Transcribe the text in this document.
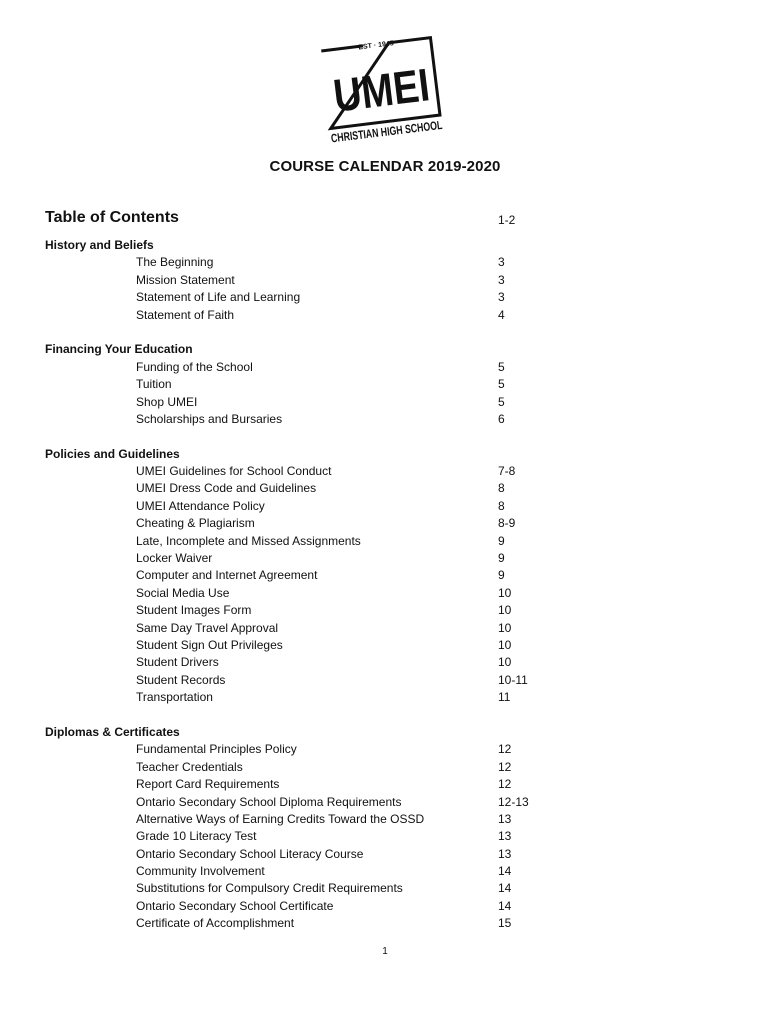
EST · 1945
UMEI
CHRISTIAN HIGH SCHOOL
COURSE CALENDAR 2019-2020
Table of Contents	1-2
History and Beliefs
The Beginning	3
Mission Statement	3
Statement of Life and Learning	3
Statement of Faith	4
Financing Your Education
Funding of the School	5
Tuition	5
Shop UMEI	5
Scholarships and Bursaries	6
Policies and Guidelines
UMEI Guidelines for School Conduct	7-8
UMEI Dress Code and Guidelines	8
UMEI Attendance Policy	8
Cheating & Plagiarism	8-9
Late, Incomplete and Missed Assignments	9
Locker Waiver	9
Computer and Internet Agreement	9
Social Media Use	10
Student Images Form	10
Same Day Travel Approval	10
Student Sign Out Privileges	10
Student Drivers	10
Student Records	10-11
Transportation	11
Diplomas & Certificates
Fundamental Principles Policy	12
Teacher Credentials	12
Report Card Requirements	12
Ontario Secondary School Diploma Requirements	12-13
Alternative Ways of Earning Credits Toward the OSSD	13
Grade 10 Literacy Test	13
Ontario Secondary School Literacy Course	13
Community Involvement	14
Substitutions for Compulsory Credit Requirements	14
Ontario Secondary School Certificate	14
Certificate of Accomplishment	15
1
